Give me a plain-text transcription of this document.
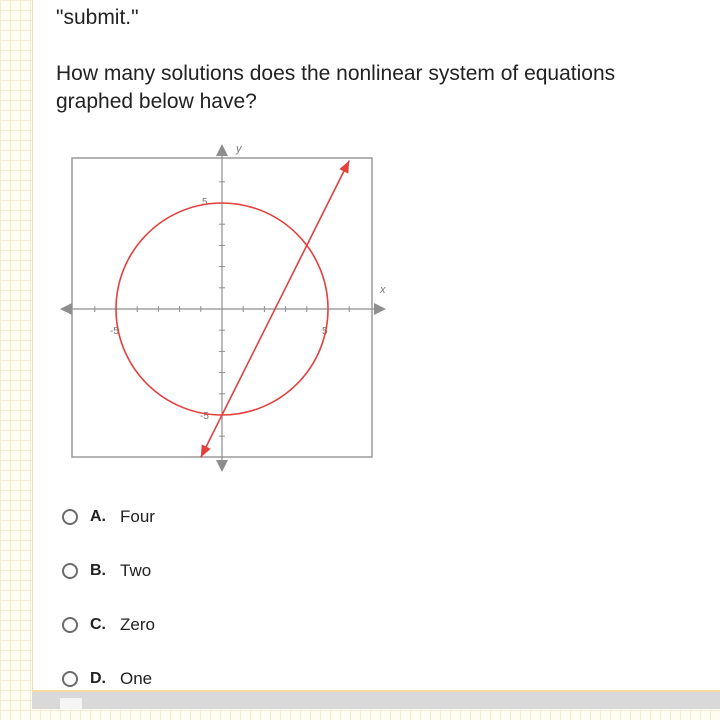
"submit."

How many solutions does the nonlinear system of equations graphed below have?

x
y
5
-5	5
-5
A. Four
B. Two
C. Zero
D. One
